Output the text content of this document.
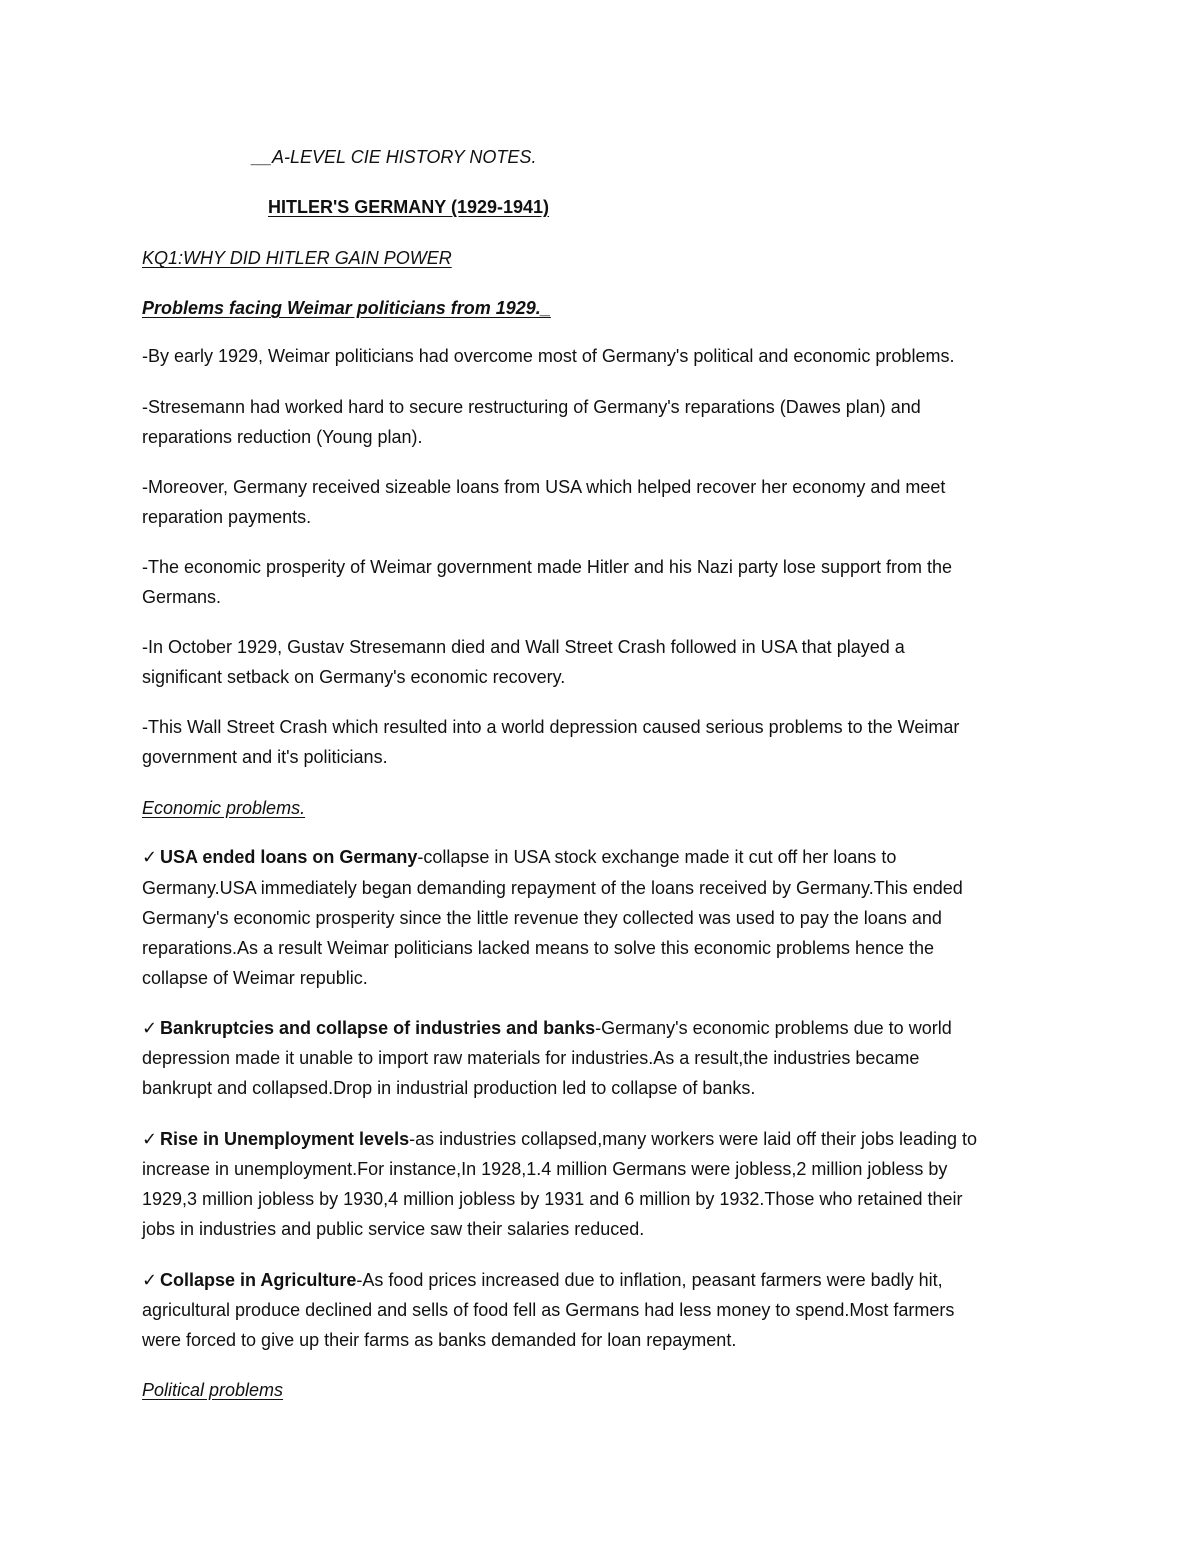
__A-LEVEL CIE HISTORY NOTES.
HITLER'S GERMANY (1929-1941)
KQ1:WHY DID HITLER GAIN POWER
Problems facing Weimar politicians from 1929._
-By early 1929, Weimar politicians had overcome most of Germany's political and economic problems.
-Stresemann had worked hard to secure restructuring of Germany's reparations (Dawes plan) and
reparations reduction (Young plan).
-Moreover, Germany received sizeable loans from USA which helped recover her economy and meet
reparation payments.
-The economic prosperity of Weimar government made Hitler and his Nazi party lose support from the
Germans.
-In October 1929, Gustav Stresemann died and Wall Street Crash followed in USA that played a
significant setback on Germany's economic recovery.
-This Wall Street Crash which resulted into a world depression caused serious problems to the Weimar
government and it's politicians.
Economic problems.
✓ USA ended loans on Germany-collapse in USA stock exchange made it cut off her loans to
Germany.USA immediately began demanding repayment of the loans received by Germany.This ended
Germany's economic prosperity since the little revenue they collected was used to pay the loans and
reparations.As a result Weimar politicians lacked means to solve this economic problems hence the
collapse of Weimar republic.
✓ Bankruptcies and collapse of industries and banks-Germany's economic problems due to world
depression made it unable to import raw materials for industries.As a result,the industries became
bankrupt and collapsed.Drop in industrial production led to collapse of banks.
✓ Rise in Unemployment levels-as industries collapsed,many workers were laid off their jobs leading to
increase in unemployment.For instance,In 1928,1.4 million Germans were jobless,2 million jobless by
1929,3 million jobless by 1930,4 million jobless by 1931 and 6 million by 1932.Those who retained their
jobs in industries and public service saw their salaries reduced.
✓ Collapse in Agriculture-As food prices increased due to inflation, peasant farmers were badly hit,
agricultural produce declined and sells of food fell as Germans had less money to spend.Most farmers
were forced to give up their farms as banks demanded for loan repayment.
Political problems
